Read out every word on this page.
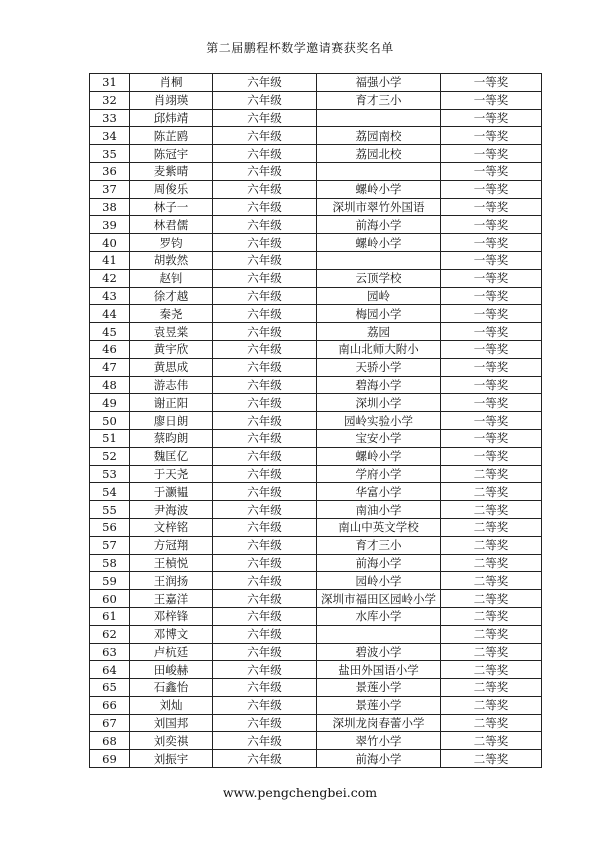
第二届鹏程杯数学邀请赛获奖名单
31	肖桐	六年级	福强小学	一等奖
32	肖翊瑛	六年级	育才三小	一等奖
33	邱炜靖	六年级		一等奖
34	陈芷鸥	六年级	荔园南校	一等奖
35	陈冠宇	六年级	荔园北校	一等奖
36	麦紫晴	六年级		一等奖
37	周俊乐	六年级	螺岭小学	一等奖
38	林子一	六年级	深圳市翠竹外国语	一等奖
39	林君儒	六年级	前海小学	一等奖
40	罗钧	六年级	螺岭小学	一等奖
41	胡敦然	六年级		一等奖
42	赵钊	六年级	云顶学校	一等奖
43	徐才越	六年级	园岭	一等奖
44	秦尧	六年级	梅园小学	一等奖
45	袁昱棠	六年级	荔园	一等奖
46	黄宇欣	六年级	南山北师大附小	一等奖
47	黄思成	六年级	天骄小学	一等奖
48	游志伟	六年级	碧海小学	一等奖
49	谢正阳	六年级	深圳小学	一等奖
50	廖日朗	六年级	园岭实验小学	一等奖
51	蔡昀朗	六年级	宝安小学	一等奖
52	魏匡亿	六年级	螺岭小学	一等奖
53	于天尧	六年级	学府小学	二等奖
54	于灏韫	六年级	华富小学	二等奖
55	尹海波	六年级	南油小学	二等奖
56	文梓铭	六年级	南山中英文学校	二等奖
57	方冠翔	六年级	育才三小	二等奖
58	王楨悦	六年级	前海小学	二等奖
59	王润扬	六年级	园岭小学	二等奖
60	王嘉洋	六年级	深圳市福田区园岭小学	二等奖
61	邓梓锋	六年级	水库小学	二等奖
62	邓博文	六年级		二等奖
63	卢杭廷	六年级	碧波小学	二等奖
64	田峻赫	六年级	盐田外国语小学	二等奖
65	石鑫怡	六年级	景莲小学	二等奖
66	刘灿	六年级	景莲小学	二等奖
67	刘国邦	六年级	深圳龙岗春蕾小学	二等奖
68	刘奕祺	六年级	翠竹小学	二等奖
69	刘振宇	六年级	前海小学	二等奖
www.pengchengbei.com
